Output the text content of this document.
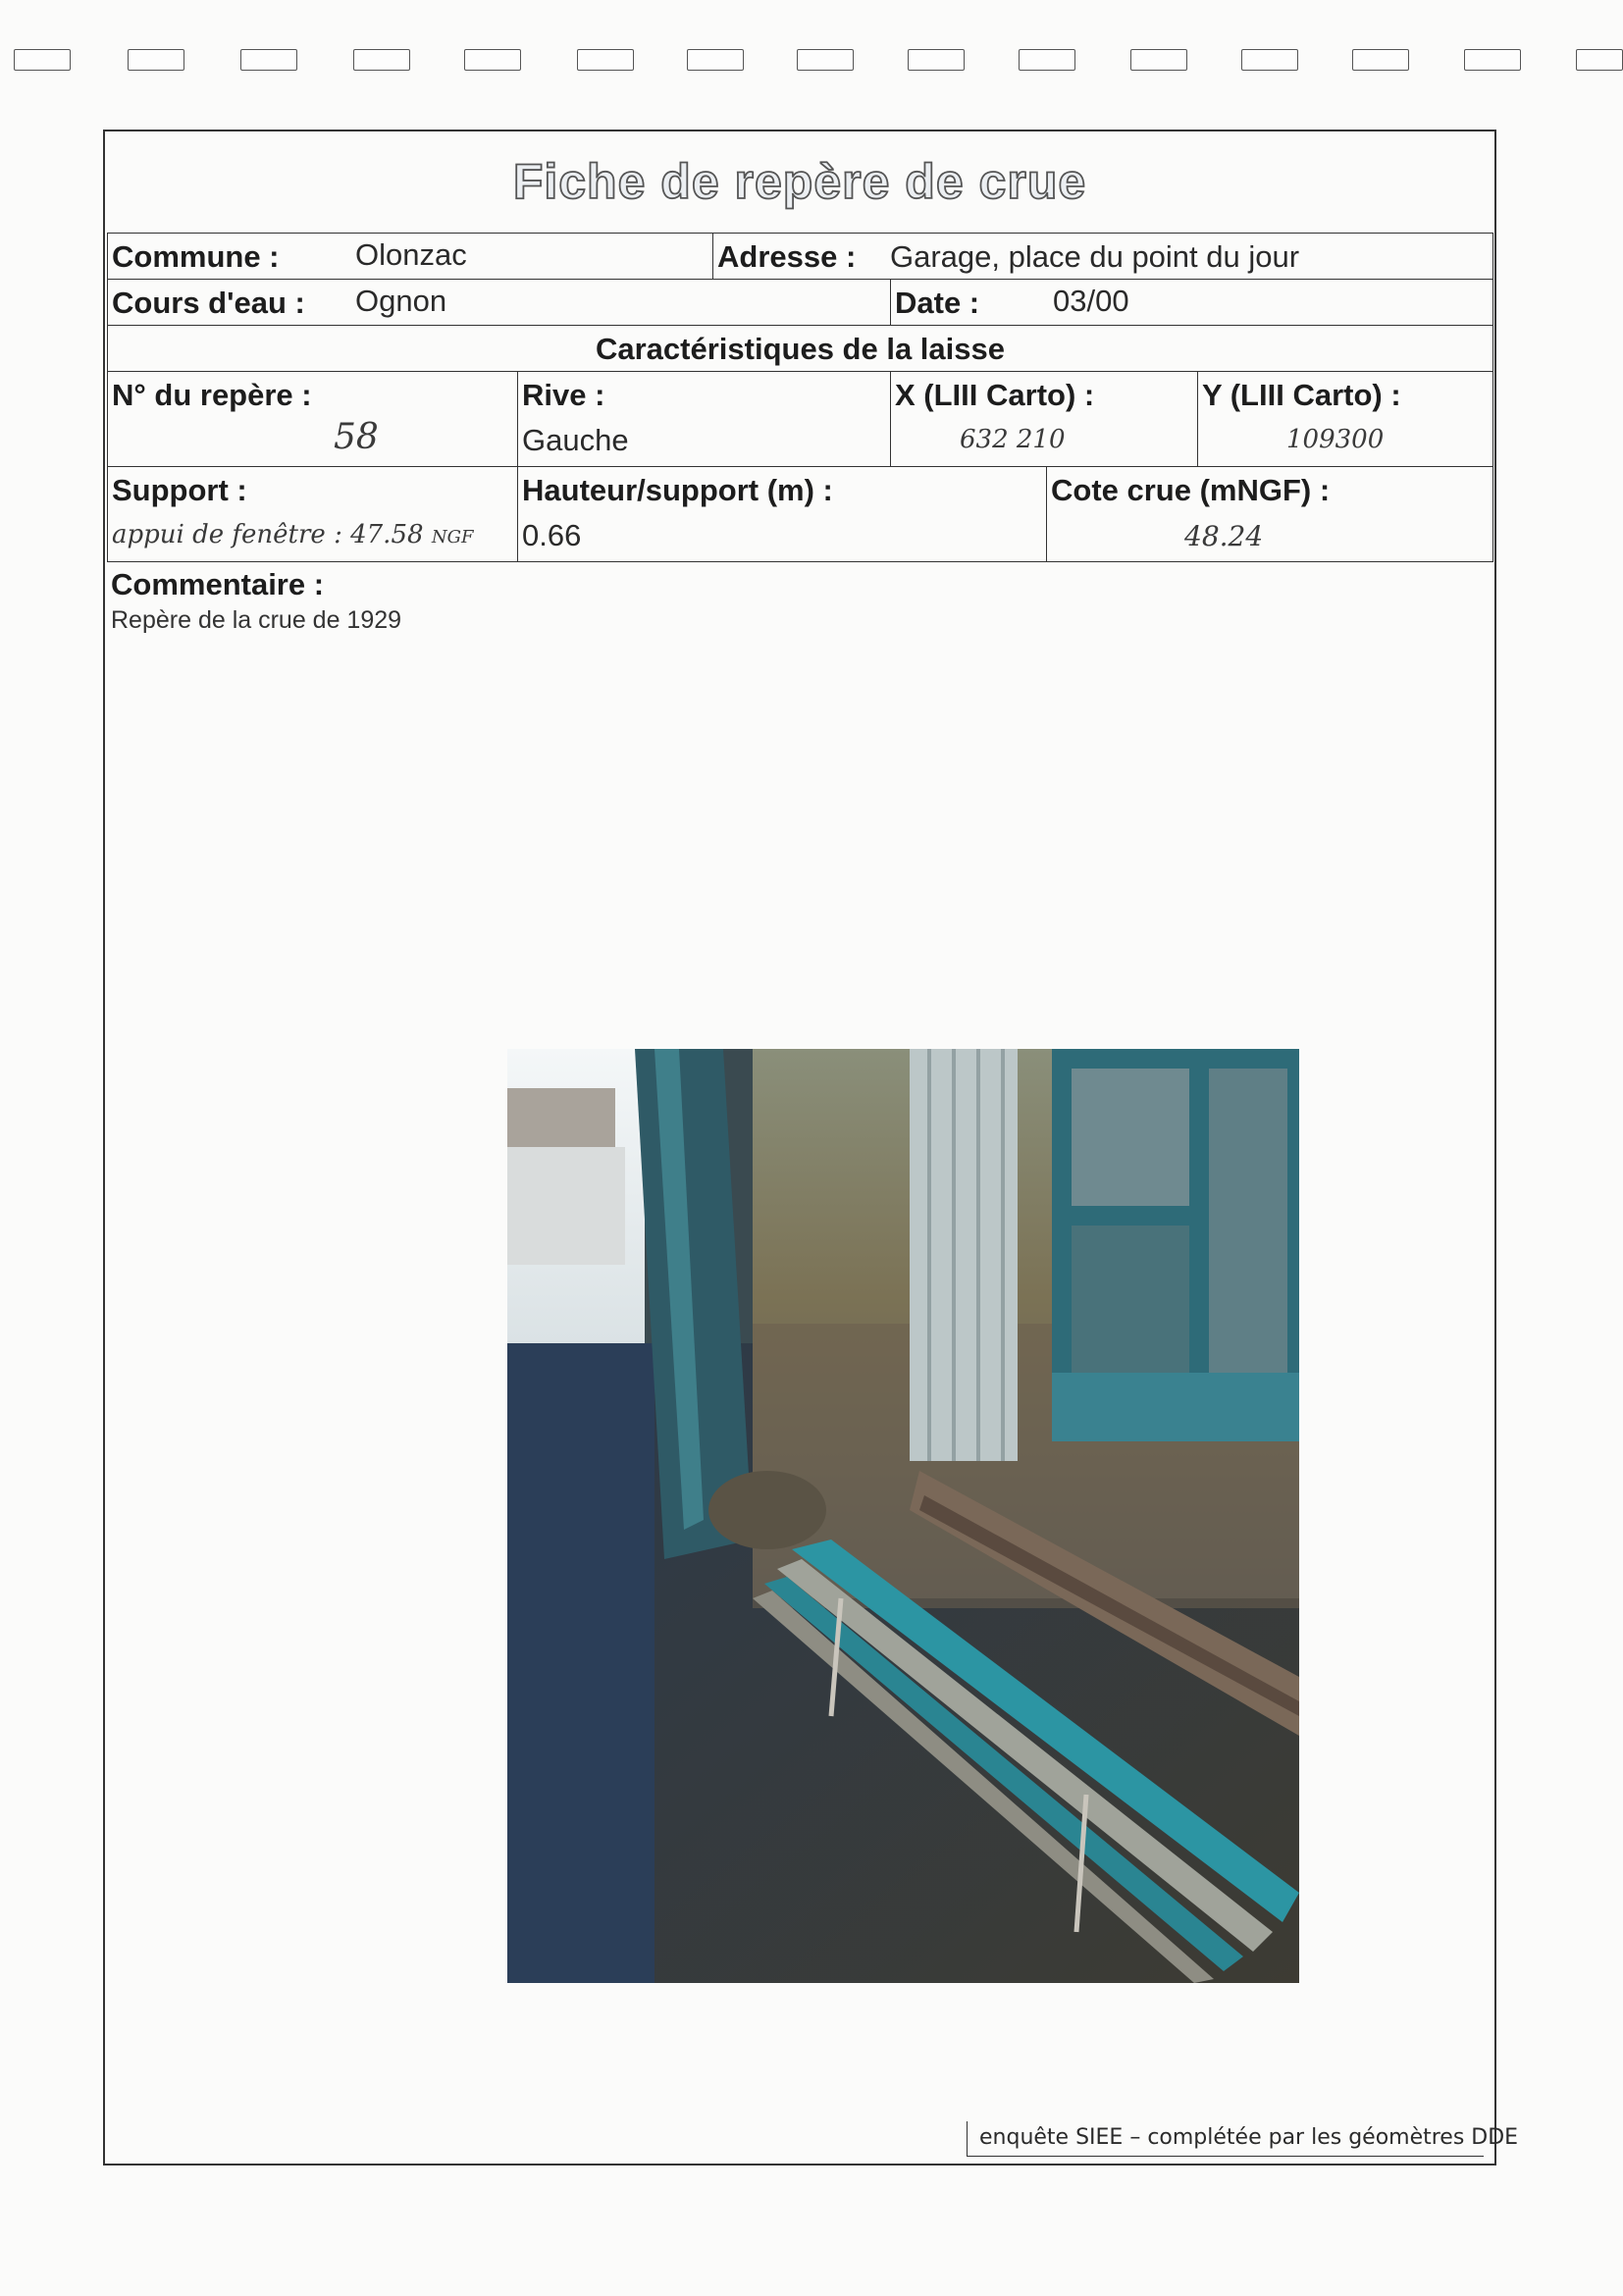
Fiche de repère de crue
Commune :	Olonzac	Adresse : Garage, place du point du jour
Cours d'eau : Ognon	Date : 03/00
Caractéristiques de la laisse
N° du repère :
58
Rive :
Gauche
X (LIII Carto) :
632 210
Y (LIII Carto) :
109300
Support :
appui de fenêtre : 47.58 NGF
Hauteur/support (m) :
0.66
Cote crue (mNGF) :
48.24
Commentaire :
Repère de la crue de 1929
enquête SIEE – complétée par les géomètres DDE
